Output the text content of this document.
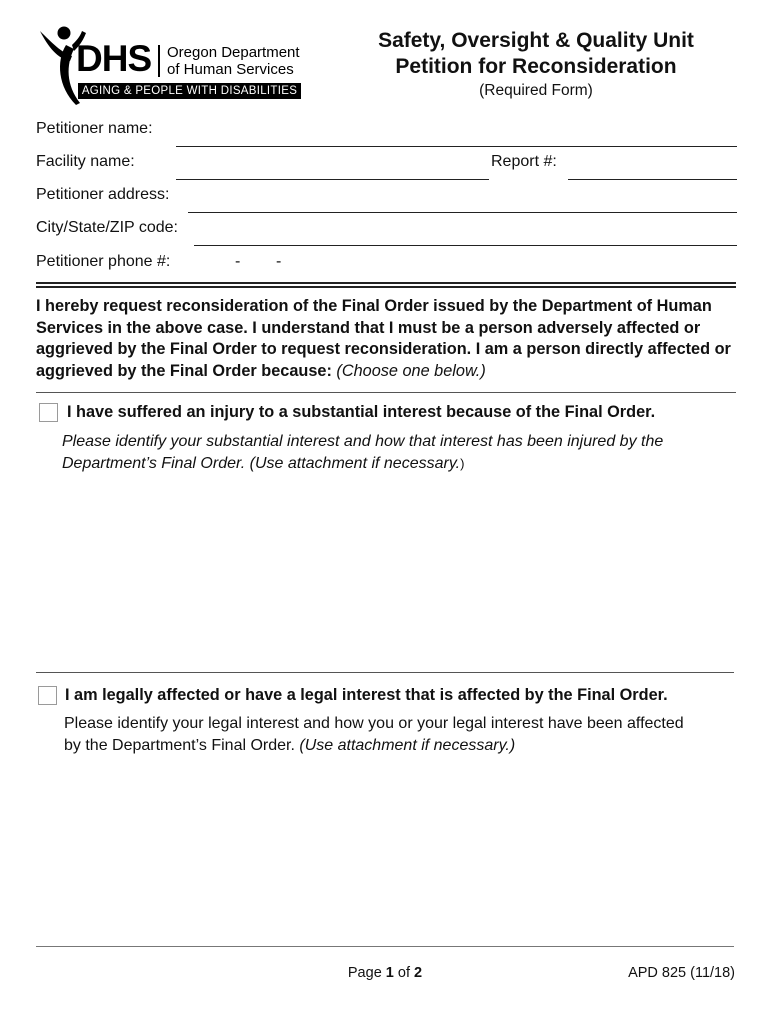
DHS Oregon Department
of Human Services
AGING & PEOPLE WITH DISABILITIES
Safety, Oversight & Quality Unit
Petition for Reconsideration
(Required Form)
Petitioner name:
Facility name:	Report #:
Petitioner address:
City/State/ZIP code:
Petitioner phone #:	- -
I hereby request reconsideration of the Final Order issued by the Department of Human Services in the above case. I understand that I must be a person adversely affected or aggrieved by the Final Order to request reconsideration. I am a person directly affected or aggrieved by the Final Order because: (Choose one below.)
I have suffered an injury to a substantial interest because of the Final Order.
Please identify your substantial interest and how that interest has been injured by the Department’s Final Order. (Use attachment if necessary.)
I am legally affected or have a legal interest that is affected by the Final Order.
Please identify your legal interest and how you or your legal interest have been affected by the Department’s Final Order. (Use attachment if necessary.)
Page 1 of 2	APD 825 (11/18)
